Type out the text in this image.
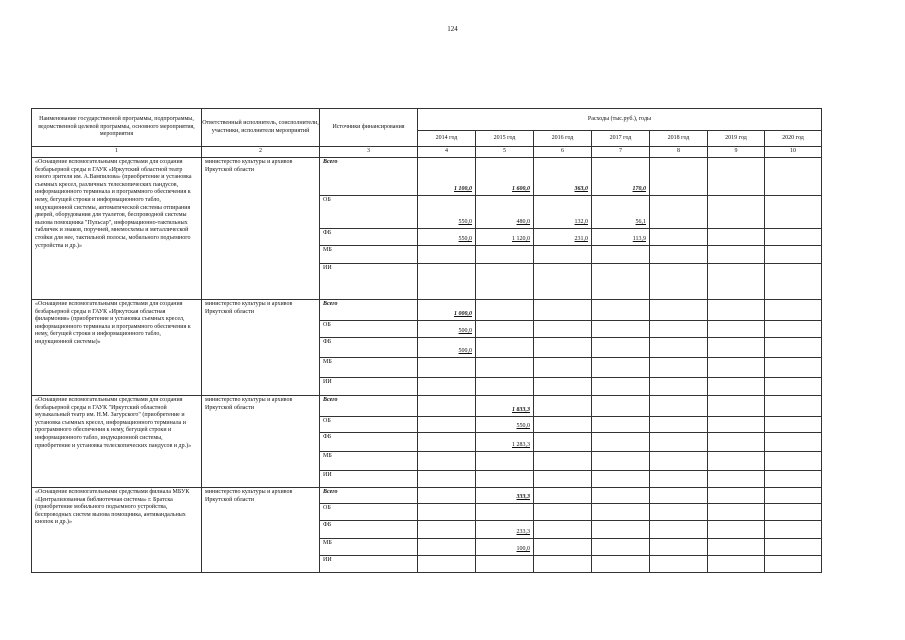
124
Наименование государственной программы, подпрограммы, ведомственной целевой программы, основного мероприятия, мероприятия	Ответственный исполнитель, соисполнители, участники, исполнители мероприятий	Источники финансирования	Расходы (тыс.руб.), годы						
			2014 год	2015 год	2016 год	2017 год	2018 год	2019 год	2020 год
1	2	3	4	5	6	7	8	9	10
«Оснащение вспомогательными средствами для создания безбарьерной среды в ГАУК «Иркутский областной театр юного зрителя им. А.Вампилова» (приобретение и установка съемных кресел, различных телескопических пандусов, информационного терминала и программного обеспечения к нему, бегущей строки и информационного табло, индукционной системы, автоматической системы отпирания дверей, оборудования для туалетов, беспроводной системы вызова помощника "Пульсар", информационно-тактильных табличек и знаков, поручней, мнемосхемы и металлической стойки для нее, тактильной полосы, мобильного подъемного устройства и др.)»	министерство культуры и архивов Иркутской области	Всего	1 100,0	1 600,0	363,0	170,0			
		ОБ	550,0	480,0	132,0	56,1			
		ФБ	550,0	1 120,0	231,0	113,9			
		МБ							
		ИИ							
«Оснащение вспомогательными средствами для создания безбарьерной среды в ГАУК «Иркутская областная филармония» (приобретение и установка съемных кресел, информационного терминала и программного обеспечения к нему, бегущей строки и информационного табло, индукционной системы)»	министерство культуры и архивов Иркутской области	Всего	1 000,0						
		ОБ	500,0						
		ФБ	500,0						
		МБ							
		ИИ							
«Оснащение вспомогательными средствами для создания безбарьерной среды в ГАУК "Иркутский областной музыкальный театр им. Н.М. Загурского" (приобретение и установка съемных кресел, информационного терминала и программного обеспечения к нему, бегущей строки и информационного табло, индукционной системы, приобретение и установка телескопических пандусов и др.)»	министерство культуры и архивов Иркутской области	Всего		1 833,3					
		ОБ		550,0					
		ФБ		1 283,3					
		МБ							
		ИИ							
«Оснащение вспомогательными средствами филиала МБУК «Централизованная библиотечная система» г. Братска (приобретение мобильного подъемного устройства, беспроводных систем вызова помощника, антивандальных кнопок и др.)»	министерство культуры и архивов Иркутской области	Всего		333,3					
		ОБ							
		ФБ		233,3					
		МБ		100,0					
		ИИ							
